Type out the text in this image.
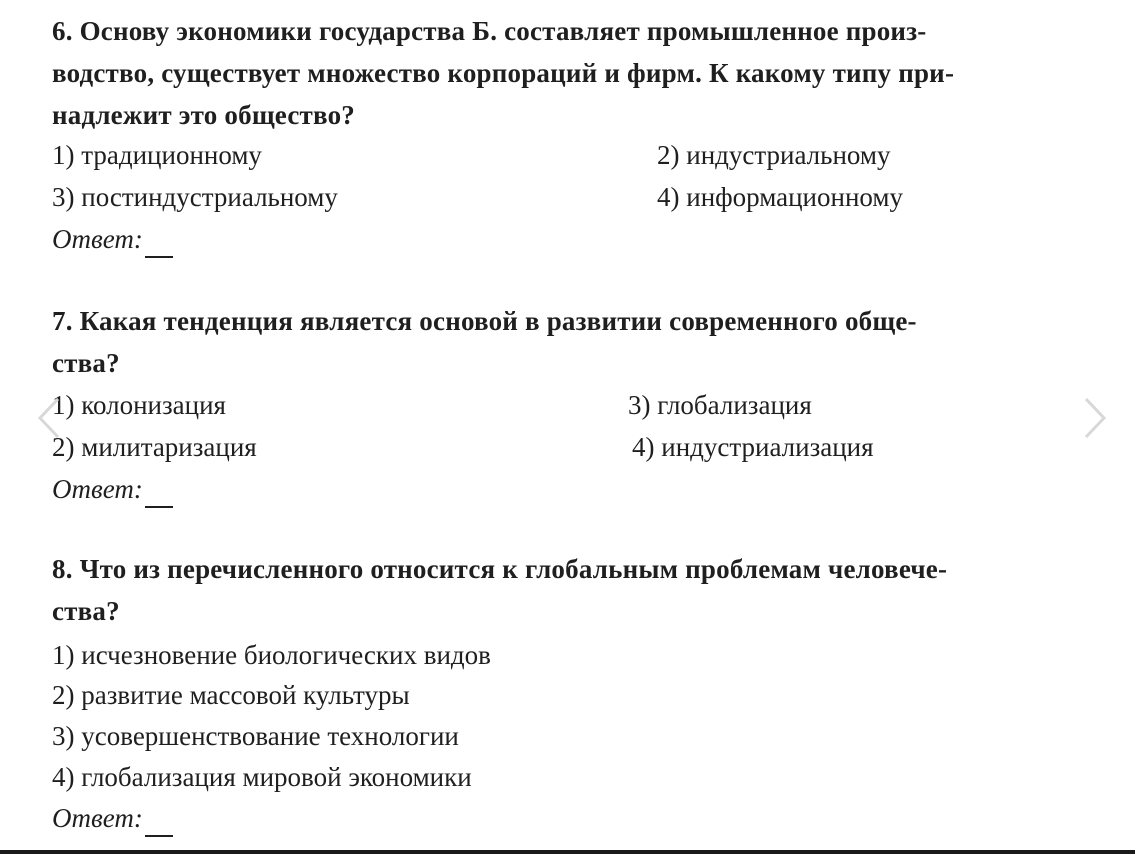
6. Основу экономики государства Б. составляет промышленное произ-
водство, существует множество корпораций и фирм. К какому типу при-
надлежит это общество?
1) традиционному	2) индустриальному
3) постиндустриальному	4) информационному
Ответ:
7. Какая тенденция является основой в развитии современного обще-
ства?
1) колонизация	3) глобализация
2) милитаризация	4) индустриализация
Ответ:
8. Что из перечисленного относится к глобальным проблемам человече-
ства?
1) исчезновение биологических видов
2) развитие массовой культуры
3) усовершенствование технологии
4) глобализация мировой экономики
Ответ:
